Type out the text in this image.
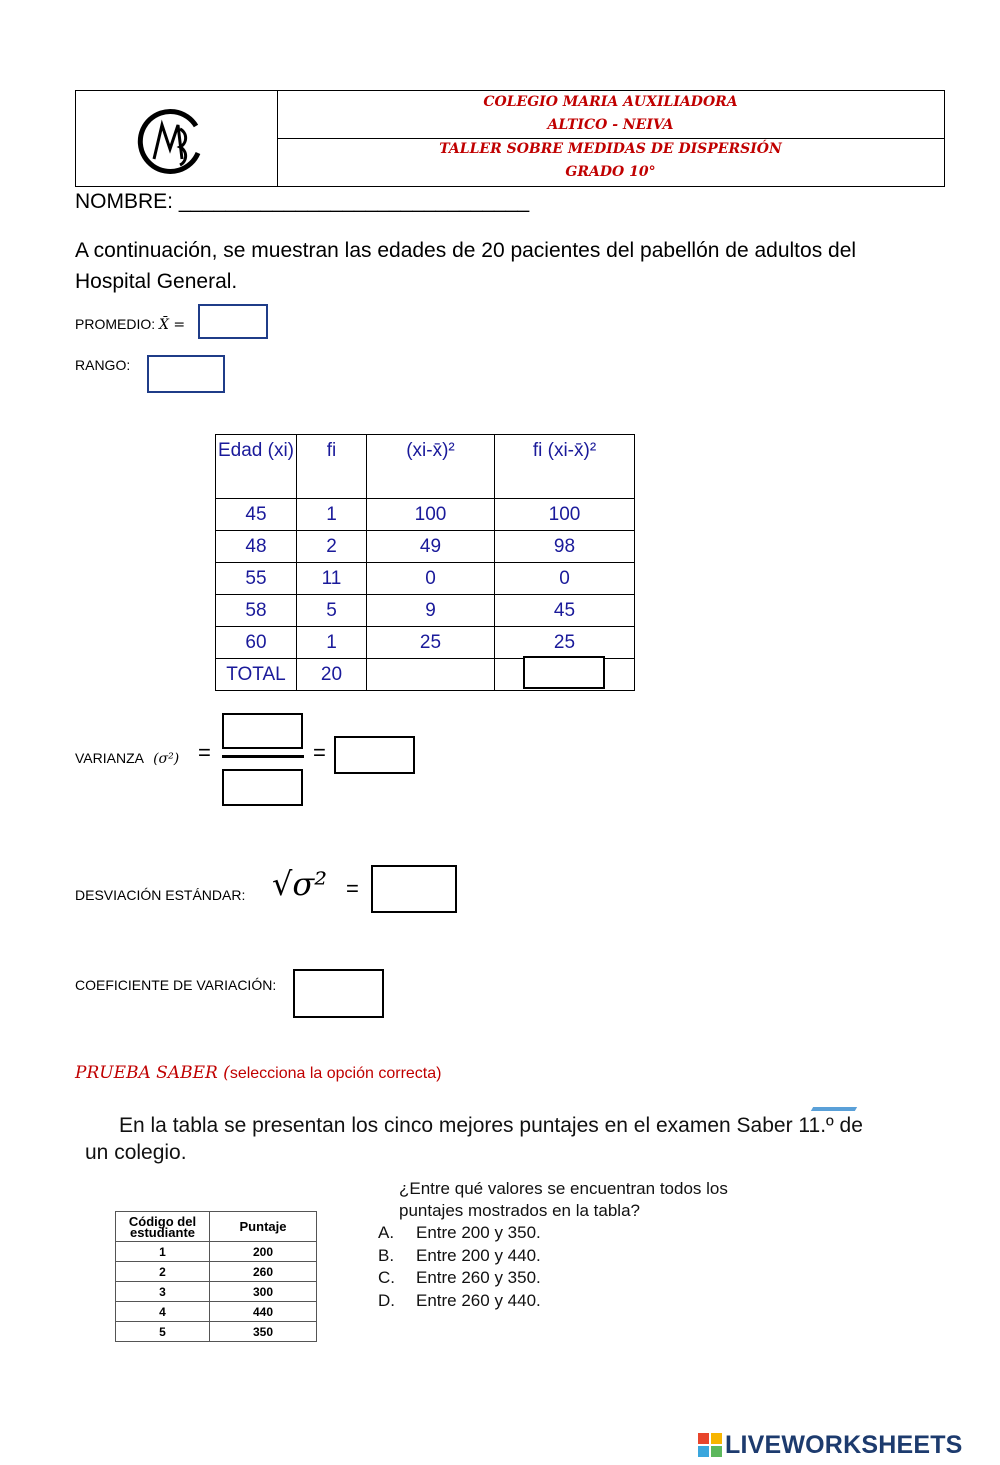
COLEGIO MARIA AUXILIADORA
ALTICO - NEIVA
TALLER SOBRE MEDIDAS DE DISPERSIÓN
GRADO 10°
NOMBRE: ______________________________
A continuación, se muestran las edades de 20 pacientes del pabellón de adultos del Hospital General.
PROMEDIO: X̄ =
RANGO:
Edad (xi)	fi	(xi-x̄)²	fi (xi-x̄)²
45	1	100	100
48	2	49	98
55	11	0	0
58	5	9	45
60	1	25	25
TOTAL	20		
VARIANZA (σ²) =	=
DESVIACIÓN ESTÁNDAR: √σ² =
COEFICIENTE DE VARIACIÓN:
PRUEBA SABER (selecciona la opción correcta)
En la tabla se presentan los cinco mejores puntajes en el examen Saber 11.º de un colegio.
Código del estudiante	Puntaje
1	200
2	260
3	300
4	440
5	350
¿Entre qué valores se encuentran todos los puntajes mostrados en la tabla?
A. Entre 200 y 350.
B. Entre 200 y 440.
C. Entre 260 y 350.
D. Entre 260 y 440.
LIVEWORKSHEETS
